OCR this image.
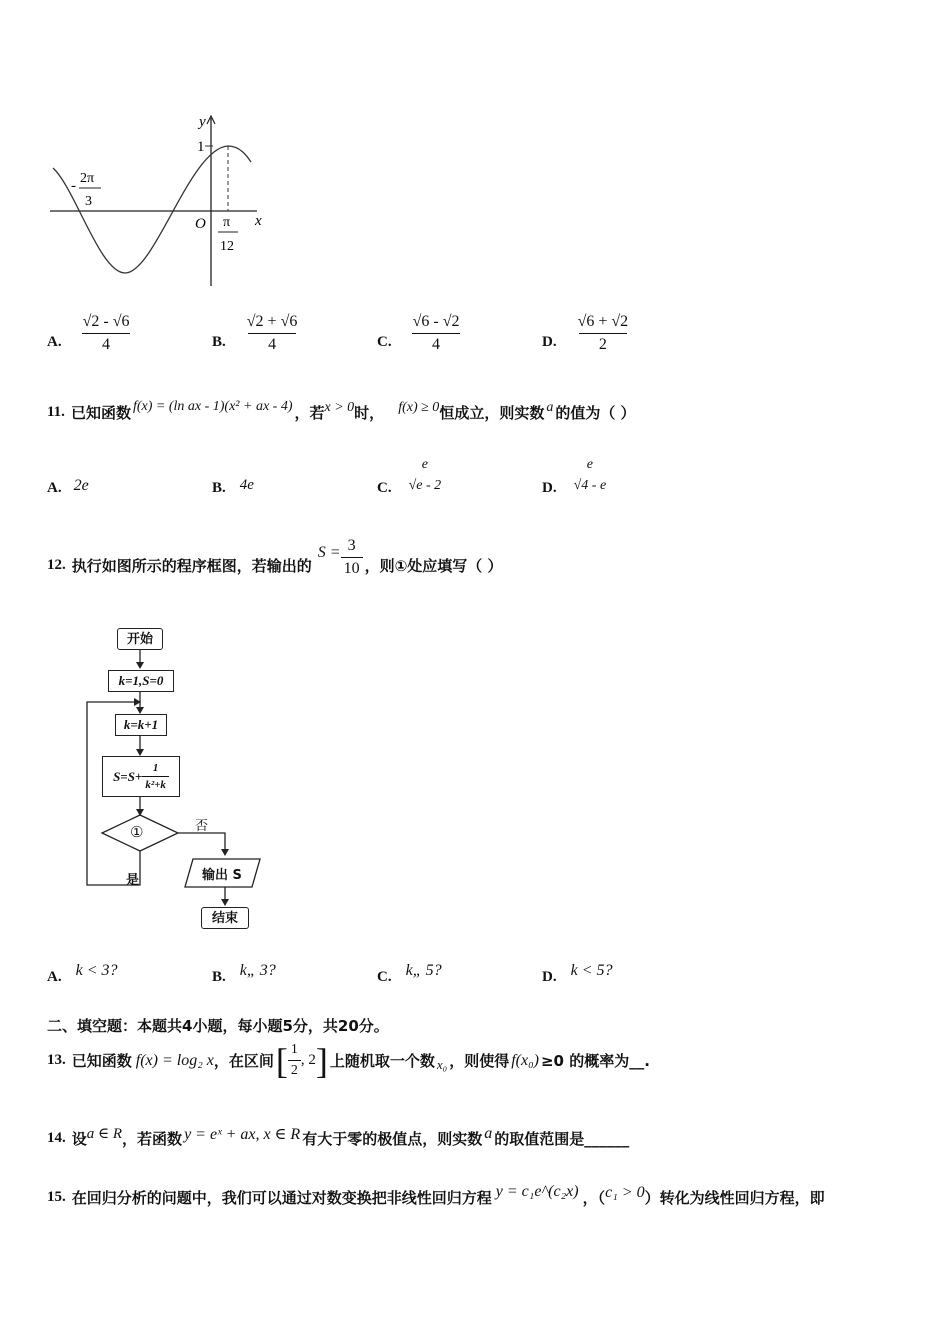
y
x
O
1
- 2π
3
π
12
A. $\frac{√2 - √6}{4}$	B. $\frac{√2 + √6}{4}$	C. $\frac{√6 - √2}{4}$	D. $\frac{√6 + √2}{2}$
11. 已知函数 f(x) = (ln ax - 1)(x² + ax - 4) ，若 x > 0 时， f(x) ≥ 0 恒成立，则实数 a 的值为（ ）
A. 2e	B. 4e	C. $\frac{e}{√e - 2}$	D. $\frac{e}{√4 - e}$
12. 执行如图所示的程序框图，若输出的
$S = \frac{3}{10}$ ，则①处应填写（ ）
开始
k=1,S=0
k=k+1
$S=S+ \frac{1}{\text{k²+k}}$
①	否
是	输出 S
结束
A. k < 3?	B. k„ 3?	C. k„ 5?	D. k < 5?
二、填空题：本题共4小题，每小题5分，共20分。
13. 已知函数 f(x) = log₂ x ，在区间 [ $\frac{1}{2}$ , 2 ] 上随机取一个数 x₀ ，则使得 f(x₀) ≥0 的概率为 __.
14. 设 a ∈ R ，若函数 y = eˣ + ax, x ∈ R 有大于零的极值点，则实数 a 的取值范围是 ______
15. 在回归分析的问题中，我们可以通过对数变换把非线性回归方程 y = c₁e^(c₂x) ，（ c₁ > 0 ）转化为线性回归方程，即
